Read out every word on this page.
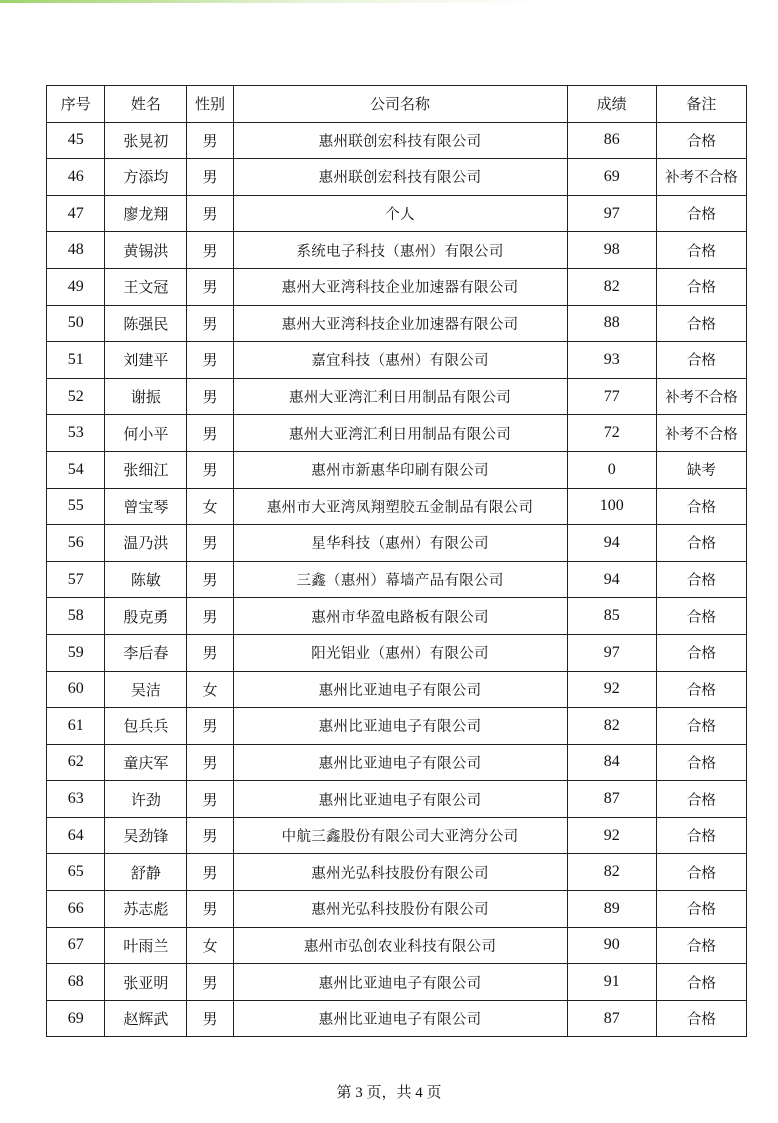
序号	姓名	性别	公司名称	成绩	备注
45	张晃初	男	惠州联创宏科技有限公司	86	合格
46	方添均	男	惠州联创宏科技有限公司	69	补考不合格
47	廖龙翔	男	个人	97	合格
48	黄锡洪	男	系统电子科技（惠州）有限公司	98	合格
49	王文冠	男	惠州大亚湾科技企业加速器有限公司	82	合格
50	陈强民	男	惠州大亚湾科技企业加速器有限公司	88	合格
51	刘建平	男	嘉宜科技（惠州）有限公司	93	合格
52	谢振	男	惠州大亚湾汇利日用制品有限公司	77	补考不合格
53	何小平	男	惠州大亚湾汇利日用制品有限公司	72	补考不合格
54	张细江	男	惠州市新惠华印刷有限公司	0	缺考
55	曾宝琴	女	惠州市大亚湾凤翔塑胶五金制品有限公司	100	合格
56	温乃洪	男	星华科技（惠州）有限公司	94	合格
57	陈敏	男	三鑫（惠州）幕墙产品有限公司	94	合格
58	殷克勇	男	惠州市华盈电路板有限公司	85	合格
59	李后春	男	阳光铝业（惠州）有限公司	97	合格
60	吴洁	女	惠州比亚迪电子有限公司	92	合格
61	包兵兵	男	惠州比亚迪电子有限公司	82	合格
62	童庆军	男	惠州比亚迪电子有限公司	84	合格
63	许劲	男	惠州比亚迪电子有限公司	87	合格
64	吴劲锋	男	中航三鑫股份有限公司大亚湾分公司	92	合格
65	舒静	男	惠州光弘科技股份有限公司	82	合格
66	苏志彪	男	惠州光弘科技股份有限公司	89	合格
67	叶雨兰	女	惠州市弘创农业科技有限公司	90	合格
68	张亚明	男	惠州比亚迪电子有限公司	91	合格
69	赵辉武	男	惠州比亚迪电子有限公司	87	合格
第 3 页，共 4 页
